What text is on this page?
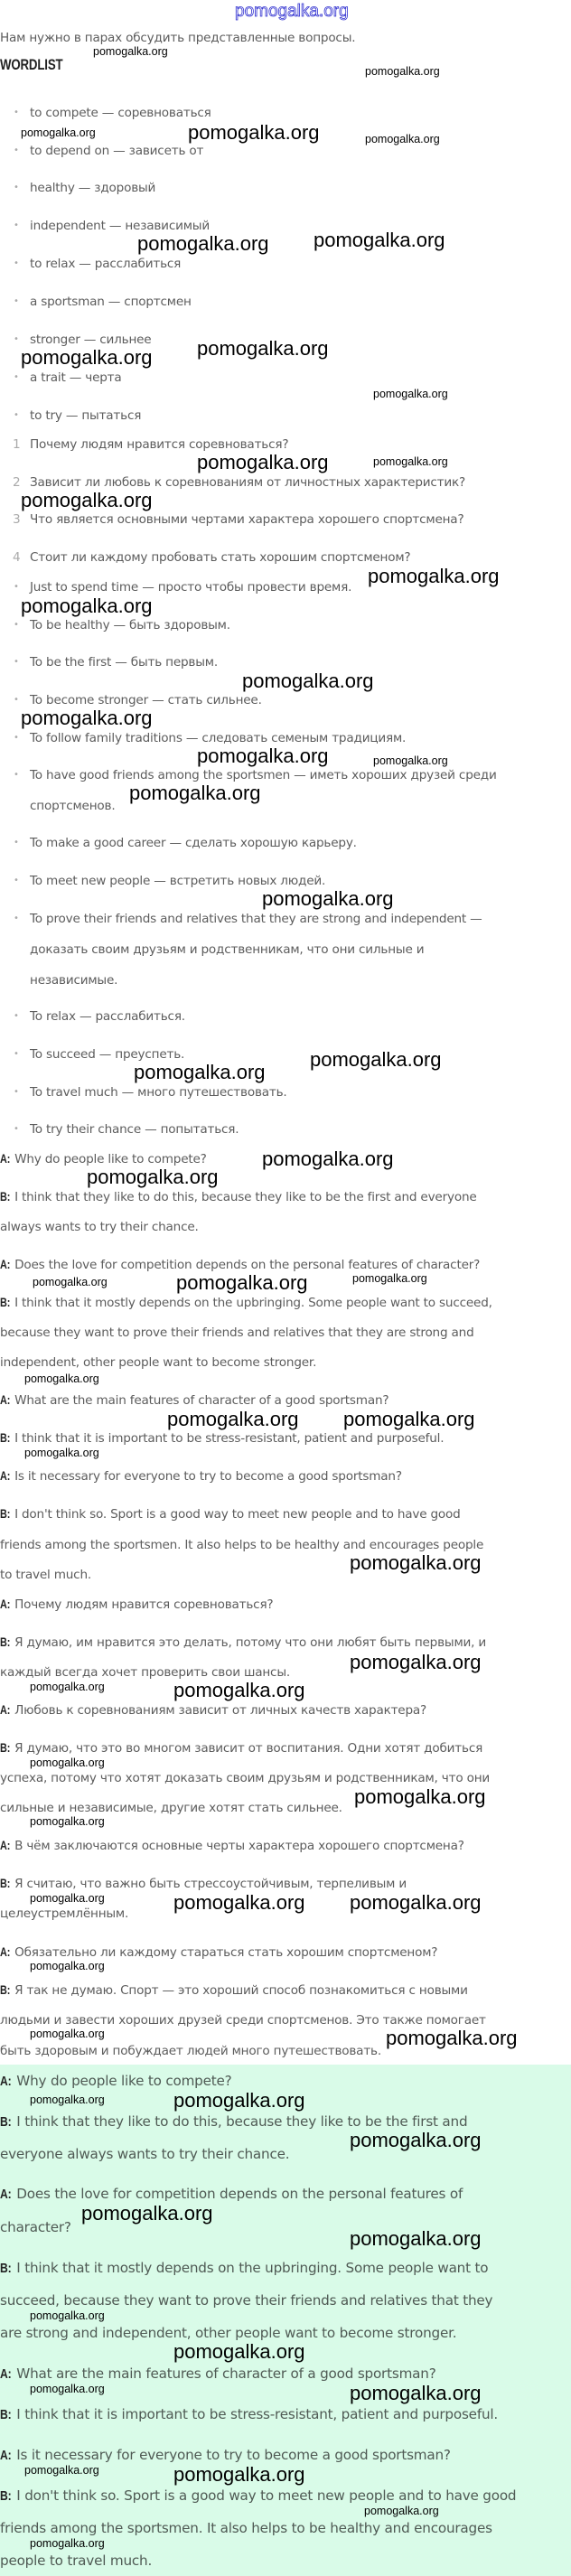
pomogalka.org
Нам нужно в парах обсудить представленные вопросы.
WORDLIST
• to compete — соревноваться
• to depend on — зависеть от
• healthy — здоровый
• independent — независимый
• to relax — расслабиться
• a sportsman — спортсмен
• stronger — сильнее
• a trait — черта
• to try — пытаться
1 Почему людям нравится соревноваться?
2 Зависит ли любовь к соревнованиям от личностных характеристик?
3 Что является основными чертами характера хорошего спортсмена?
4 Стоит ли каждому пробовать стать хорошим спортсменом?
• Just to spend time — просто чтобы провести время.
• To be healthy — быть здоровым.
• To be the first — быть первым.
• To become stronger — стать сильнее.
• To follow family traditions — следовать семеным традициям.
• To have good friends among the sportsmen — иметь хороших друзей среди
спортсменов.
• To make a good career — сделать хорошую карьеру.
• To meet new people — встретить новых людей.
• To prove their friends and relatives that they are strong and independent —
доказать своим друзьям и родственникам, что они сильные и
независимые.
• To relax — расслабиться.
• To succeed — преуспеть.
• To travel much — много путешествовать.
• To try their chance — попытаться.
A: Why do people like to compete?
B: I think that they like to do this, because they like to be the first and everyone
always wants to try their chance.
A: Does the love for competition depends on the personal features of character?
B: I think that it mostly depends on the upbringing. Some people want to succeed,
because they want to prove their friends and relatives that they are strong and
independent, other people want to become stronger.
A: What are the main features of character of a good sportsman?
B: I think that it is important to be stress-resistant, patient and purposeful.
A: Is it necessary for everyone to try to become a good sportsman?
B: I don't think so. Sport is a good way to meet new people and to have good
friends among the sportsmen. It also helps to be healthy and encourages people
to travel much.
A: Почему людям нравится соревноваться?
B: Я думаю, им нравится это делать, потому что они любят быть первыми, и
каждый всегда хочет проверить свои шансы.
A: Любовь к соревнованиям зависит от личных качеств характера?
B: Я думаю, что это во многом зависит от воспитания. Одни хотят добиться
успеха, потому что хотят доказать своим друзьям и родственникам, что они
сильные и независимые, другие хотят стать сильнее.
A: В чём заключаются основные черты характера хорошего спортсмена?
B: Я считаю, что важно быть стрессоустойчивым, терпеливым и
целеустремлённым.
A: Обязательно ли каждому стараться стать хорошим спортсменом?
B: Я так не думаю. Спорт — это хороший способ познакомиться с новыми
людьми и завести хороших друзей среди спортсменов. Это также помогает
быть здоровым и побуждает людей много путешествовать.
A: Why do people like to compete?
B: I think that they like to do this, because they like to be the first and
everyone always wants to try their chance.
A: Does the love for competition depends on the personal features of
character?
B: I think that it mostly depends on the upbringing. Some people want to
succeed, because they want to prove their friends and relatives that they
are strong and independent, other people want to become stronger.
A: What are the main features of character of a good sportsman?
B: I think that it is important to be stress-resistant, patient and purposeful.
A: Is it necessary for everyone to try to become a good sportsman?
B: I don't think so. Sport is a good way to meet new people and to have good
friends among the sportsmen. It also helps to be healthy and encourages
people to travel much.
pomogalka.org
pomogalka.org
pomogalka.org	pomogalka.org
pomogalka.org
pomogalka.org pomogalka.org
pomogalka.org pomogalka.org
pomogalka.org
pomogalka.org
pomogalka.org
pomogalka.org
pomogalka.org
pomogalka.org
pomogalka.org
pomogalka.org
pomogalka.org	pomogalka.org
pomogalka.org
pomogalka.org
pomogalka.org
pomogalka.org
pomogalka.org
pomogalka.org
pomogalka.org	pomogalka.org	pomogalka.org
pomogalka.org
pomogalka.org pomogalka.org
pomogalka.org
pomogalka.org
pomogalka.org
pomogalka.org	pomogalka.org
pomogalka.org
pomogalka.org
pomogalka.org
pomogalka.org	pomogalka.org pomogalka.org
pomogalka.org
pomogalka.org
pomogalka.org
pomogalka.org
pomogalka.org
pomogalka.org
pomogalka.org
pomogalka.org
pomogalka.org
pomogalka.org
pomogalka.org	pomogalka.org
pomogalka.org	pomogalka.org
pomogalka.org
pomogalka.org
